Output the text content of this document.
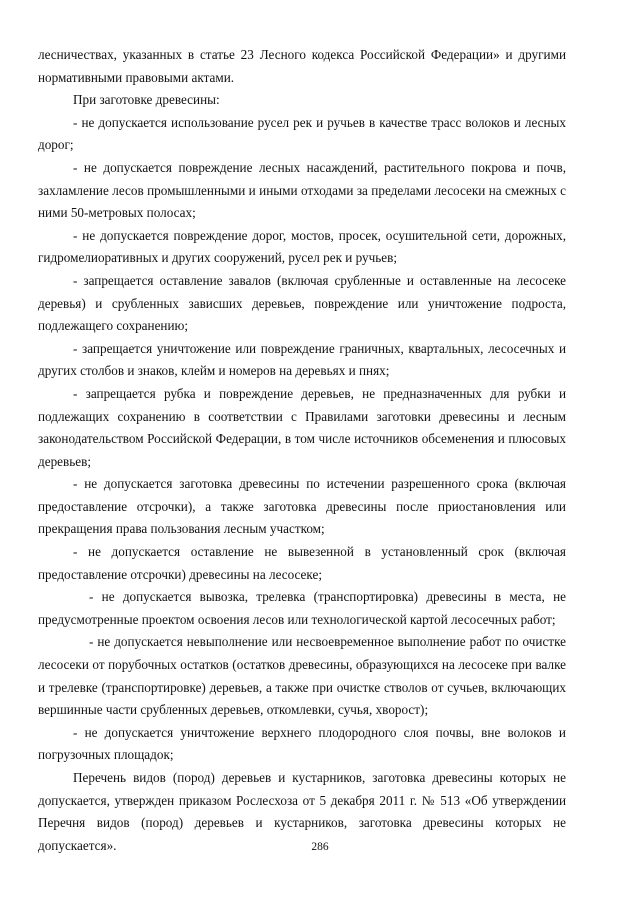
лесничествах, указанных в статье 23 Лесного кодекса Российской Федерации» и другими нормативными правовыми актами.

При заготовке древесины:

- не допускается использование русел рек и ручьев в качестве трасс волоков и лесных дорог;

- не допускается повреждение лесных насаждений, растительного покрова и почв, захламление лесов промышленными и иными отходами за пределами лесосеки на смежных с ними 50-метровых полосах;

- не допускается повреждение дорог, мостов, просек, осушительной сети, дорожных, гидромелиоративных и других сооружений, русел рек и ручьев;

- запрещается оставление завалов (включая срубленные и оставленные на лесосеке деревья) и срубленных зависших деревьев, повреждение или уничтожение подроста, подлежащего сохранению;

- запрещается уничтожение или повреждение граничных, квартальных, лесосечных и других столбов и знаков, клейм и номеров на деревьях и пнях;

- запрещается рубка и повреждение деревьев, не предназначенных для рубки и подлежащих сохранению в соответствии с Правилами заготовки древесины и лесным законодательством Российской Федерации, в том числе источников обсеменения и плюсовых деревьев;

- не допускается заготовка древесины по истечении разрешенного срока (включая предоставление отсрочки), а также заготовка древесины после приостановления или прекращения права пользования лесным участком;

- не допускается оставление не вывезенной в установленный срок (включая предоставление отсрочки) древесины на лесосеке;

- не допускается вывозка, трелевка (транспортировка) древесины в места, не предусмотренные проектом освоения лесов или технологической картой лесосечных работ;

- не допускается невыполнение или несвоевременное выполнение работ по очистке лесосеки от порубочных остатков (остатков древесины, образующихся на лесосеке при валке и трелевке (транспортировке) деревьев, а также при очистке стволов от сучьев, включающих вершинные части срубленных деревьев, откомлевки, сучья, хворост);

- не допускается уничтожение верхнего плодородного слоя почвы, вне волоков и погрузочных площадок;

Перечень видов (пород) деревьев и кустарников, заготовка древесины которых не допускается, утвержден приказом Рослесхоза от 5 декабря 2011 г. № 513 «Об утверждении Перечня видов (пород) деревьев и кустарников, заготовка древесины которых не допускается».	286
